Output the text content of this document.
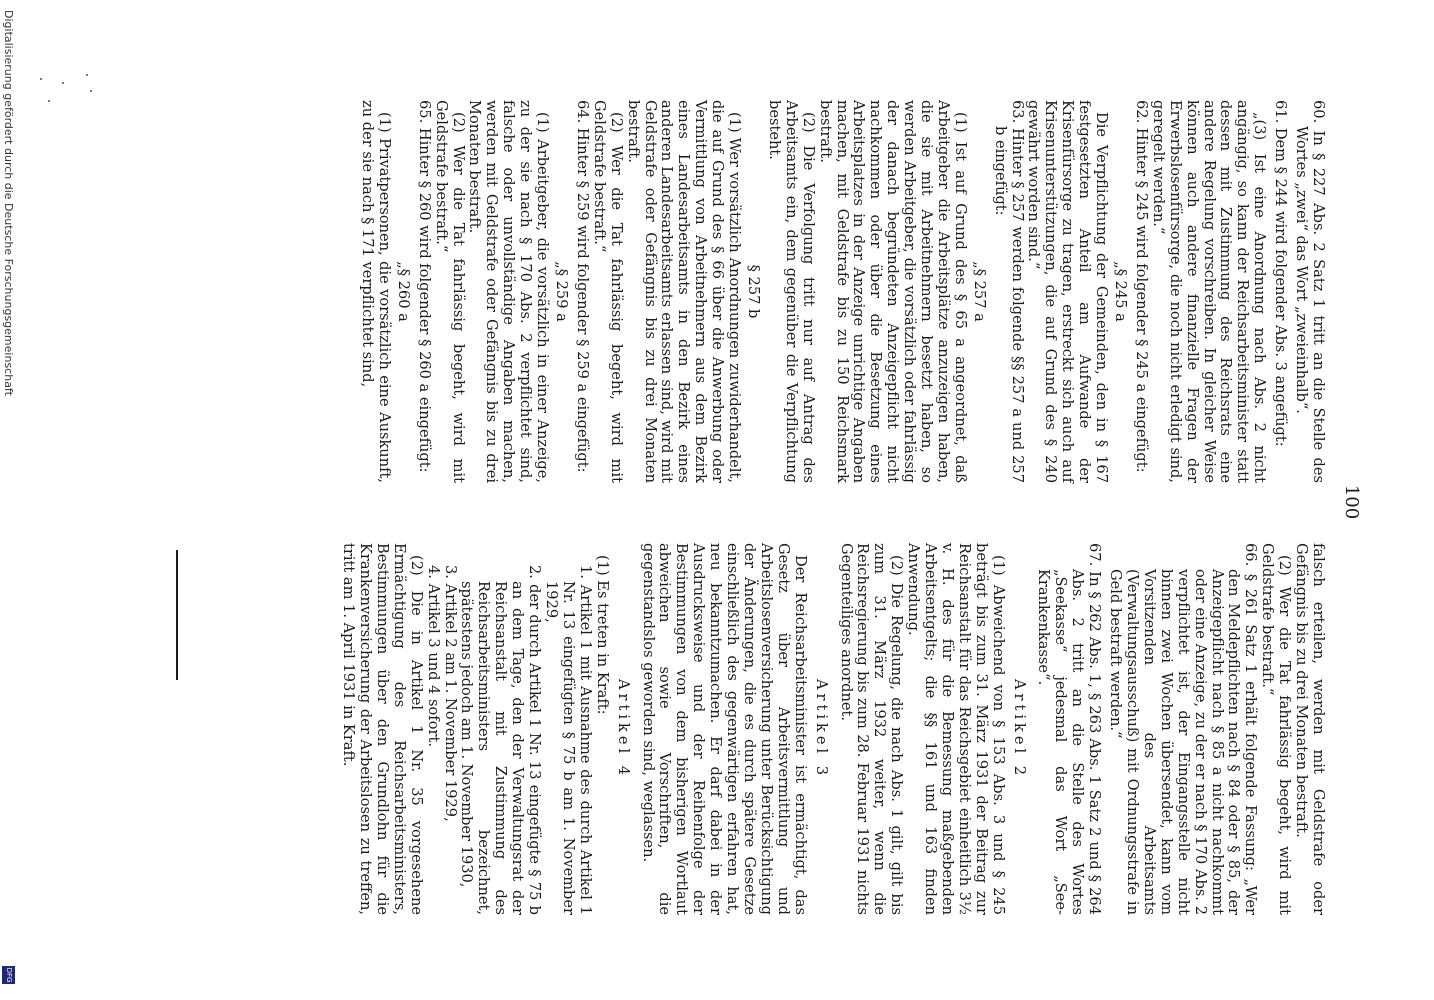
100

60. In § 227 Abs. 2 Satz 1 tritt an die Stelle des Wortes „zwei“ das Wort „zweieinhalb“.

61. Dem § 244 wird folgender Abs. 3 angefügt:

„(3) Ist eine Anordnung nach Abs. 2 nicht angängig, so kann der Reichsarbeitsminister statt dessen mit Zustimmung des Reichsrats eine andere Regelung vorschreiben. In gleicher Weise können auch andere finanzielle Fragen der Erwerbslosenfürsorge, die noch nicht erledigt sind, geregelt werden.“

62. Hinter § 245 wird folgender § 245 a eingefügt:

„§ 245 a

Die Verpflichtung der Gemeinden, den in § 167 festgesetzten Anteil am Aufwande der Krisenfürsorge zu tragen, erstreckt sich auch auf Krisenunterstützungen, die auf Grund des § 240 gewährt worden sind.“

63. Hinter § 257 werden folgende §§ 257 a und 257 b eingefügt:

„§ 257 a

(1) Ist auf Grund des § 65 a angeordnet, daß Arbeitgeber die Arbeitsplätze anzuzeigen haben, die sie mit Arbeitnehmern besetzt haben, so werden Arbeitgeber, die vorsätzlich oder fahrlässig der danach begründeten Anzeigepflicht nicht nachkommen oder über die Besetzung eines Arbeitsplatzes in der Anzeige unrichtige Angaben machen, mit Geldstrafe bis zu 150 Reichsmark bestraft.

(2) Die Verfolgung tritt nur auf Antrag des Arbeitsamts ein, dem gegenüber die Verpflichtung besteht.

§ 257 b

(1) Wer vorsätzlich Anordnungen zuwiderhandelt, die auf Grund des § 66 über die Anwerbung oder Vermittlung von Arbeitnehmern aus dem Bezirk eines Landesarbeitsamts in den Bezirk eines anderen Landesarbeitsamts erlassen sind, wird mit Geldstrafe oder Gefängnis bis zu drei Monaten bestraft.

(2) Wer die Tat fahrlässig begeht, wird mit Geldstrafe bestraft.“

64. Hinter § 259 wird folgender § 259 a eingefügt:

„§ 259 a

(1) Arbeitgeber, die vorsätzlich in einer Anzeige, zu der sie nach § 170 Abs. 2 verpflichtet sind, falsche oder unvollständige Angaben machen, werden mit Geldstrafe oder Gefängnis bis zu drei Monaten bestraft.

(2) Wer die Tat fahrlässig begeht, wird mit Geldstrafe bestraft.“

65. Hinter § 260 wird folgender § 260 a eingefügt:

„§ 260 a

(1) Privatpersonen, die vorsätzlich eine Auskunft, zu der sie nach § 171 verpflichtet sind,

falsch erteilen, werden mit Geldstrafe oder Gefängnis bis zu drei Monaten bestraft.

(2) Wer die Tat fahrlässig begeht, wird mit Geldstrafe bestraft.“

66. § 261 Satz 1 erhält folgende Fassung: „Wer den Meldepflichten nach § 84 oder § 85, der Anzeigepflicht nach § 85 a nicht nachkommt oder eine Anzeige, zu der er nach § 170 Abs. 2 verpflichtet ist, der Eingangsstelle nicht binnen zwei Wochen übersendet, kann vom Vorsitzenden des Arbeitsamts (Verwaltungsausschuß) mit Ordnungsstrafe in Geld bestraft werden.“

67. In § 262 Abs. 1, § 263 Abs. 1 Satz 2 und § 264 Abs. 2 tritt an die Stelle des Wortes „Seekasse“ jedesmal das Wort „See-Krankenkasse“.

Artikel 2

(1) Abweichend von § 153 Abs. 3 und § 245 beträgt bis zum 31. März 1931 der Beitrag zur Reichsanstalt für das Reichsgebiet einheitlich 3½ v. H. des für die Bemessung maßgebenden Arbeitsentgelts; die §§ 161 und 163 finden Anwendung.

(2) Die Regelung, die nach Abs. 1 gilt, gilt bis zum 31. März 1932 weiter, wenn die Reichsregierung bis zum 28. Februar 1931 nichts Gegenteiliges anordnet.

Artikel 3

Der Reichsarbeitsminister ist ermächtigt, das Gesetz über Arbeitsvermittlung und Arbeitslosenversicherung unter Berücksichtigung der Änderungen, die es durch spätere Gesetze einschließlich des gegenwärtigen erfahren hat, neu bekanntzumachen. Er darf dabei in der Ausdrucksweise und der Reihenfolge der Bestimmungen von dem bisherigen Wortlaut abweichen sowie Vorschriften, die gegenstandslos geworden sind, weglassen.

Artikel 4

(1) Es treten in Kraft:

1. Artikel 1 mit Ausnahme des durch Artikel 1 Nr. 13 eingefügten § 75 b am 1. November 1929,

2. der durch Artikel 1 Nr. 13 eingefügte § 75 b an dem Tage, den der Verwaltungsrat der Reichsanstalt mit Zustimmung des Reichsarbeitsministers bezeichnet, spätestens jedoch am 1. November 1930,

3. Artikel 2 am 1. November 1929,

4. Artikel 3 und 4 sofort.

(2) Die in Artikel 1 Nr. 35 vorgesehene Ermächtigung des Reichsarbeitsministers, Bestimmungen über den Grundlohn für die Krankenversicherung der Arbeitslosen zu treffen, tritt am 1. April 1931 in Kraft.

Digitalisierung gefördert durch die Deutsche Forschungsgemeinschaft
DFG
